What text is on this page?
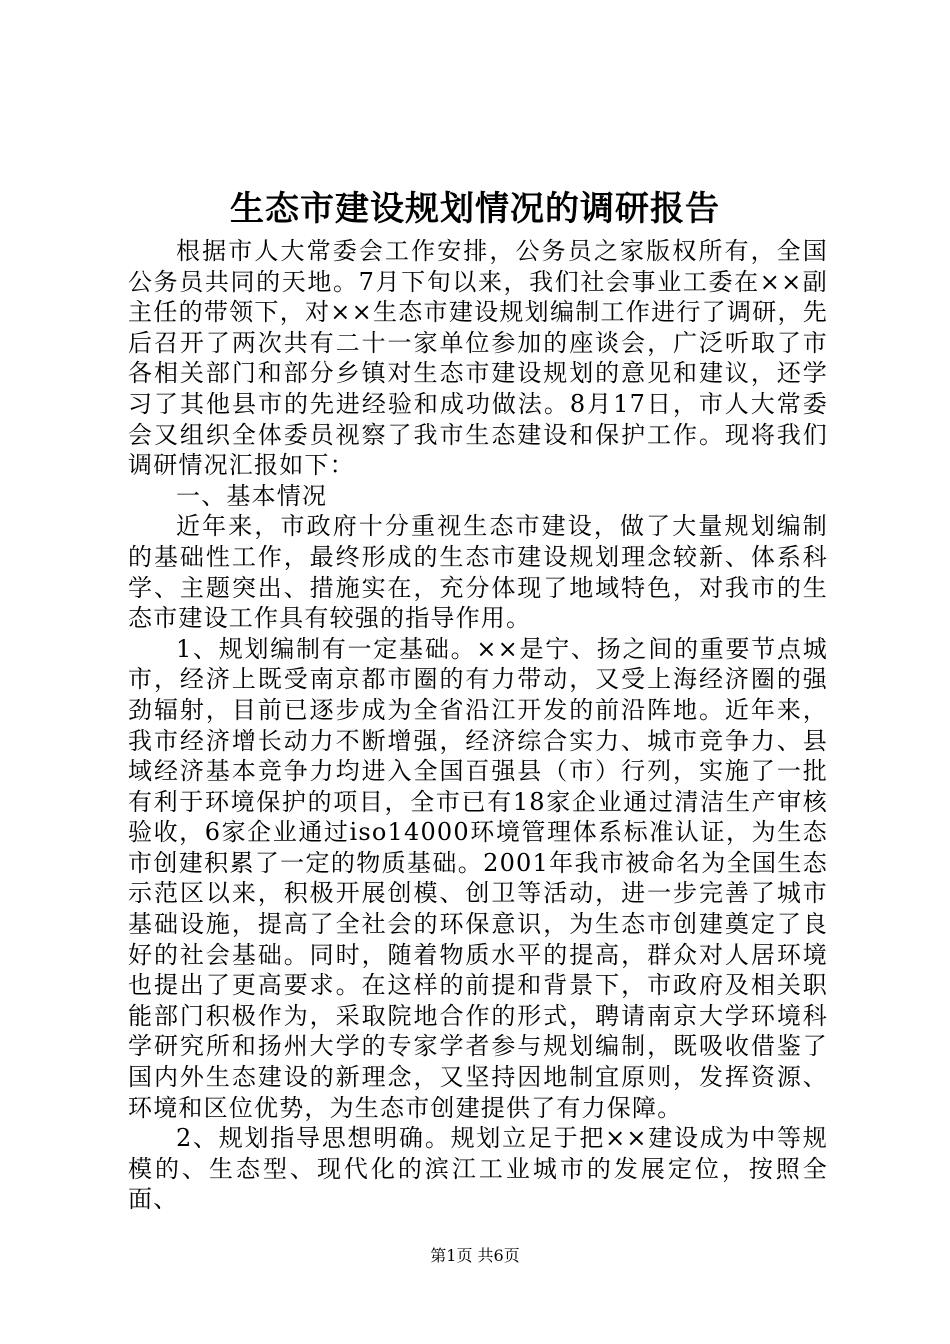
生态市建设规划情况的调研报告

根据市人大常委会工作安排，公务员之家版权所有，全国公务员共同的天地。7月下旬以来，我们社会事业工委在××副主任的带领下，对××生态市建设规划编制工作进行了调研，先后召开了两次共有二十一家单位参加的座谈会，广泛听取了市各相关部门和部分乡镇对生态市建设规划的意见和建议，还学习了其他县市的先进经验和成功做法。8月17日，市人大常委会又组织全体委员视察了我市生态建设和保护工作。现将我们调研情况汇报如下：

一、基本情况

近年来，市政府十分重视生态市建设，做了大量规划编制的基础性工作，最终形成的生态市建设规划理念较新、体系科学、主题突出、措施实在，充分体现了地域特色，对我市的生态市建设工作具有较强的指导作用。

1、规划编制有一定基础。××是宁、扬之间的重要节点城市，经济上既受南京都市圈的有力带动，又受上海经济圈的强劲辐射，目前已逐步成为全省沿江开发的前沿阵地。近年来，我市经济增长动力不断增强，经济综合实力、城市竞争力、县域经济基本竞争力均进入全国百强县（市）行列，实施了一批有利于环境保护的项目，全市已有18家企业通过清洁生产审核验收，6家企业通过iso14000环境管理体系标准认证，为生态市创建积累了一定的物质基础。2001年我市被命名为全国生态示范区以来，积极开展创模、创卫等活动，进一步完善了城市基础设施，提高了全社会的环保意识，为生态市创建奠定了良好的社会基础。同时，随着物质水平的提高，群众对人居环境也提出了更高要求。在这样的前提和背景下，市政府及相关职能部门积极作为，采取院地合作的形式，聘请南京大学环境科学研究所和扬州大学的专家学者参与规划编制，既吸收借鉴了国内外生态建设的新理念，又坚持因地制宜原则，发挥资源、环境和区位优势，为生态市创建提供了有力保障。

2、规划指导思想明确。规划立足于把××建设成为中等规模的、生态型、现代化的滨江工业城市的发展定位，按照全面、

第1页 共6页
